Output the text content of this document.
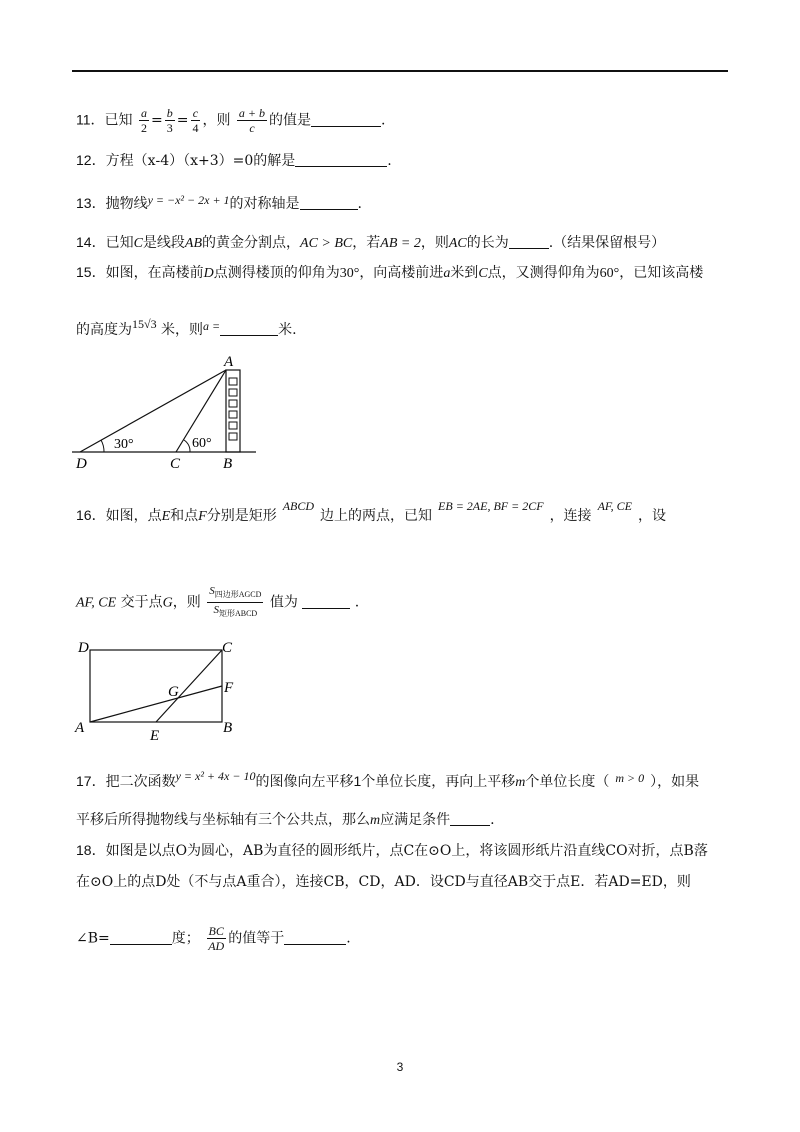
11．已知 $\frac{a}{2} = \frac{b}{3} = \frac{c}{4}$ ，则 $\frac{a + b}{c}$ 的值是	.
12．方程（x‐4）（x+3）=0的解是	.
13．抛物线y = −x² − 2x + 1的对称轴是	.
14．已知C是线段AB的黄金分割点，AC > BC，若AB = 2，则AC的长为	.（结果保留根号）
15．如图，在高楼前D点测得楼顶的仰角为30°，向高楼前进a米到C点，又测得仰角为60°，已知该高楼
的高度为15√3 米，则a =	米.
A
B
C
D
30°	60°
16．如图，点E和点F分别是矩形ABCD边上的两点，已知EB = 2AE, BF = 2CF，连接AF, CE，设
AF, CE 交于点G，则 $\frac{S_{四边形AGCD}}{S_{矩形ABCD}}$ 值为	.
D	C
F
G
A	B
E
17．把二次函数y = x² + 4x − 10的图像向左平移1个单位长度，再向上平移m个单位长度（ m > 0 ），如果
平移后所得抛物线与坐标轴有三个公共点，那么m应满足条件	.
18．如图是以点O为圆心，AB为直径的圆形纸片，点C在⊙O上，将该圆形纸片沿直线CO对折，点B落
在⊙O上的点D处（不与点A重合），连接CB，CD，AD．设CD与直径AB交于点E．若AD=ED，则
∠B=	度； $\frac{BC}{AD}$ 的值等于	.
3
